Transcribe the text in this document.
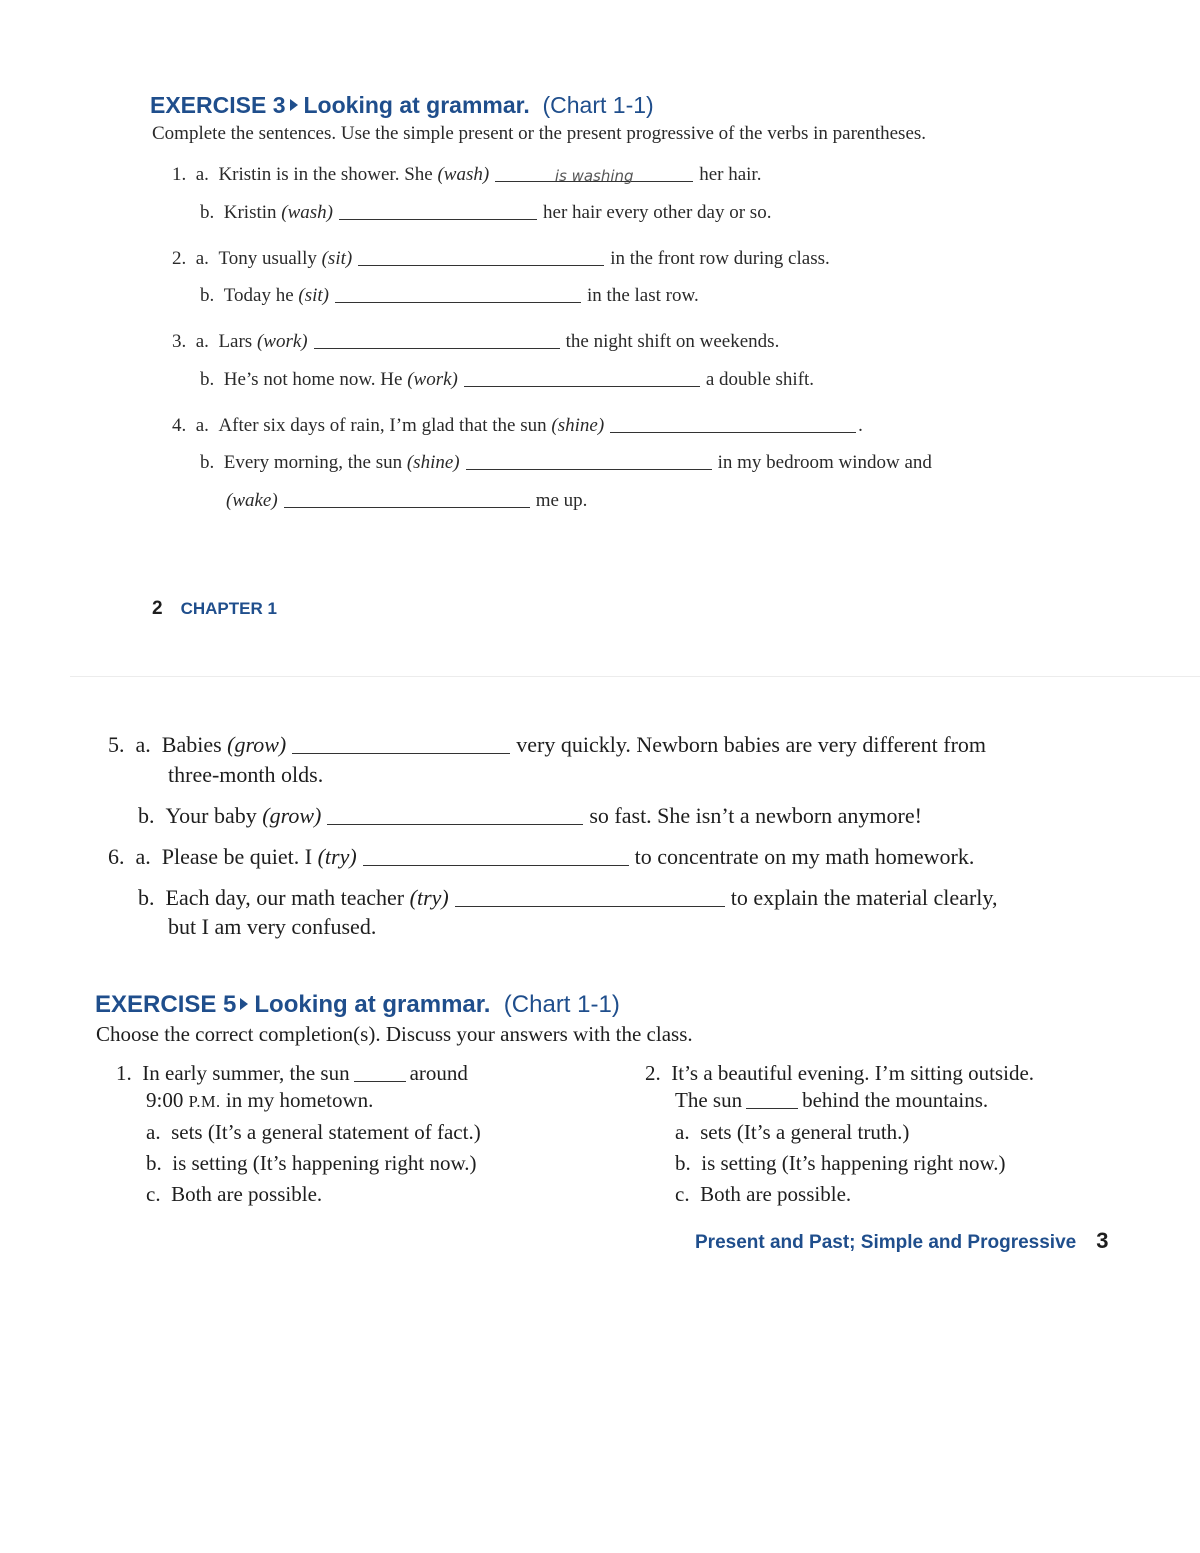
EXERCISE 3 Looking at grammar. (Chart 1-1)
Complete the sentences. Use the simple present or the present progressive of the verbs in parentheses.
1. a. Kristin is in the shower. She (wash)	is washing	her hair.
b. Kristin (wash)	her hair every other day or so.
2. a. Tony usually (sit)	in the front row during class.
b. Today he (sit)	in the last row.
3. a. Lars (work)	the night shift on weekends.
b. He’s not home now. He (work)	a double shift.
4. a. After six days of rain, I’m glad that the sun (shine)	.
b. Every morning, the sun (shine)	in my bedroom window and
(wake)	me up.
2 CHAPTER 1
5. a. Babies (grow)	very quickly. Newborn babies are very different from
three-month olds.
b. Your baby (grow)	so fast. She isn’t a newborn anymore!
6. a. Please be quiet. I (try)	to concentrate on my math homework.
b. Each day, our math teacher (try)	to explain the material clearly,
but I am very confused.
EXERCISE 5 Looking at grammar. (Chart 1-1)
Choose the correct completion(s). Discuss your answers with the class.
1. In early summer, the sun	around
9:00 P.M. in my hometown.
a. sets (It’s a general statement of fact.)
b. is setting (It’s happening right now.)
c. Both are possible.
2. It’s a beautiful evening. I’m sitting outside.
The sun	behind the mountains.
a. sets (It’s a general truth.)
b. is setting (It’s happening right now.)
c. Both are possible.
Present and Past; Simple and Progressive 3
